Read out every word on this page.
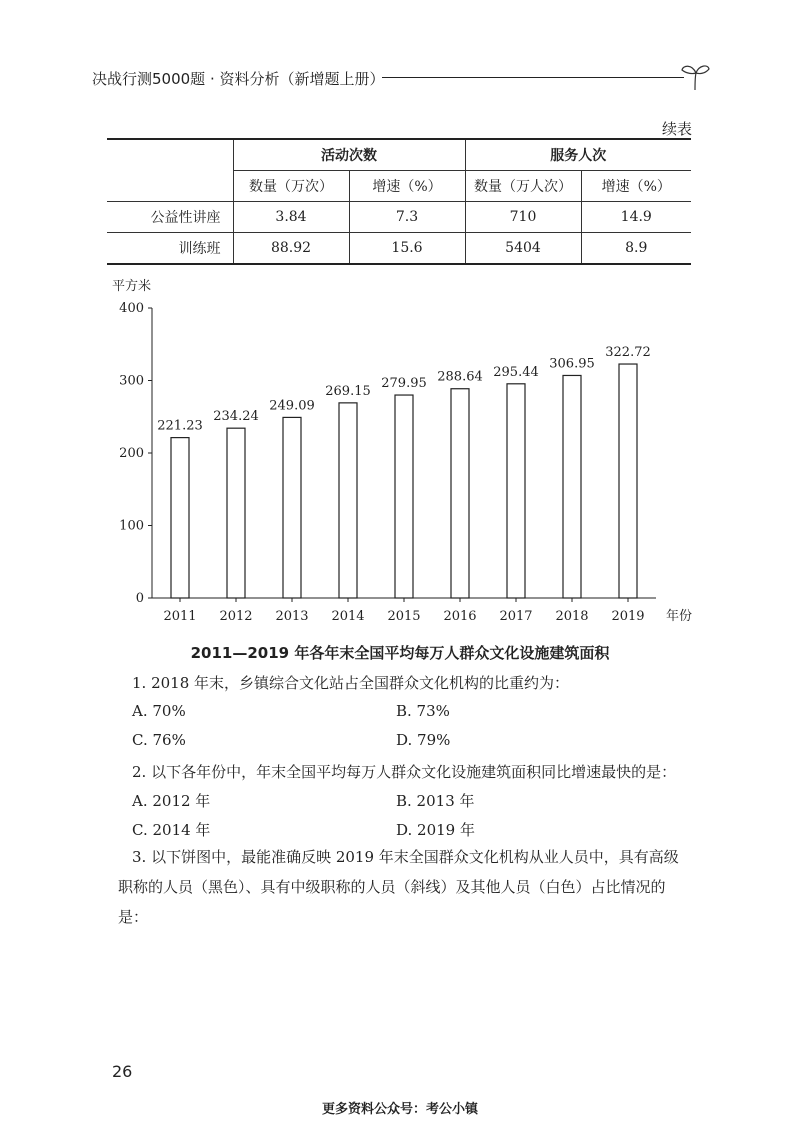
决战行测5000题 · 资料分析（新增题上册）
续表
	活动次数		服务人次	
	数量（万次）	增速（%）	数量（万人次）	增速（%）
公益性讲座	3.84	7.3	710	14.9
训练班	88.92	15.6	5404	8.9
平方米
年份
0
100
200
300
400
221.23
2011
234.24
2012
249.09
2013
269.15
2014
279.95
2015
288.64
2016
295.44
2017
306.95
2018
322.72
2019
2011—2019 年各年末全国平均每万人群众文化设施建筑面积
1. 2018 年末，乡镇综合文化站占全国群众文化机构的比重约为：
A. 70%	B. 73%
C. 76%	D. 79%
2. 以下各年份中，年末全国平均每万人群众文化设施建筑面积同比增速最快的是：
A. 2012 年	B. 2013 年
C. 2014 年	D. 2019 年
3. 以下饼图中，最能准确反映 2019 年末全国群众文化机构从业人员中，具有高级职称的人员（黑色）、具有中级职称的人员（斜线）及其他人员（白色）占比情况的是：
26
更多资料公众号：考公小镇
